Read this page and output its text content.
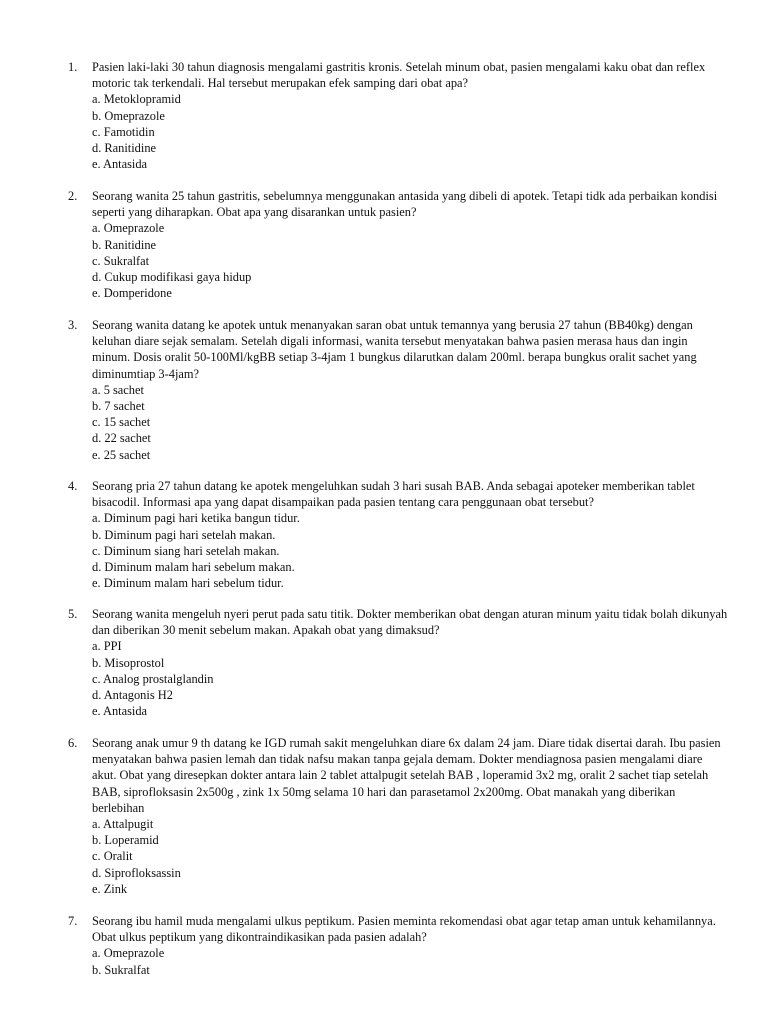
1.	Pasien laki-laki 30 tahun diagnosis mengalami gastritis kronis. Setelah minum obat, pasien mengalami kaku obat dan reflex motoric tak terkendali. Hal tersebut merupakan efek samping dari obat apa?
a. Metoklopramid
b. Omeprazole
c. Famotidin
d. Ranitidine
e. Antasida
2.	Seorang wanita 25 tahun gastritis, sebelumnya menggunakan antasida yang dibeli di apotek. Tetapi tidk ada perbaikan kondisi seperti yang diharapkan. Obat apa yang disarankan untuk pasien?
a. Omeprazole
b. Ranitidine
c. Sukralfat
d. Cukup modifikasi gaya hidup
e. Domperidone
3.	Seorang wanita datang ke apotek untuk menanyakan saran obat untuk temannya yang berusia 27 tahun (BB40kg) dengan keluhan diare sejak semalam. Setelah digali informasi, wanita tersebut menyatakan bahwa pasien merasa haus dan ingin minum. Dosis oralit 50-100Ml/kgBB setiap 3-4jam 1 bungkus dilarutkan dalam 200ml. berapa bungkus oralit sachet yang diminumtiap 3-4jam?
a. 5 sachet
b. 7 sachet
c. 15 sachet
d. 22 sachet
e. 25 sachet
4.	Seorang pria 27 tahun datang ke apotek mengeluhkan sudah 3 hari susah BAB. Anda sebagai apoteker memberikan tablet bisacodil. Informasi apa yang dapat disampaikan pada pasien tentang cara penggunaan obat tersebut?
a. Diminum pagi hari ketika bangun tidur.
b. Diminum pagi hari setelah makan.
c. Diminum siang hari setelah makan.
d. Diminum malam hari sebelum makan.
e. Diminum malam hari sebelum tidur.
5.	Seorang wanita mengeluh nyeri perut pada satu titik. Dokter memberikan obat dengan aturan minum yaitu tidak bolah dikunyah dan diberikan 30 menit sebelum makan. Apakah obat yang dimaksud?
a. PPI
b. Misoprostol
c. Analog prostalglandin
d. Antagonis H2
e. Antasida
6.	Seorang anak umur 9 th datang ke IGD rumah sakit mengeluhkan diare 6x dalam 24 jam. Diare tidak disertai darah. Ibu pasien menyatakan bahwa pasien lemah dan tidak nafsu makan tanpa gejala demam. Dokter mendiagnosa pasien mengalami diare akut. Obat yang diresepkan dokter antara lain 2 tablet attalpugit setelah BAB , loperamid 3x2 mg, oralit 2 sachet tiap setelah BAB, siprofloksasin 2x500g , zink 1x 50mg selama 10 hari dan parasetamol 2x200mg. Obat manakah yang diberikan berlebihan
a. Attalpugit
b. Loperamid
c. Oralit
d. Siprofloksassin
e. Zink
7.	Seorang ibu hamil muda mengalami ulkus peptikum. Pasien meminta rekomendasi obat agar tetap aman untuk kehamilannya. Obat ulkus peptikum yang dikontraindikasikan pada pasien adalah?
a. Omeprazole
b. Sukralfat
